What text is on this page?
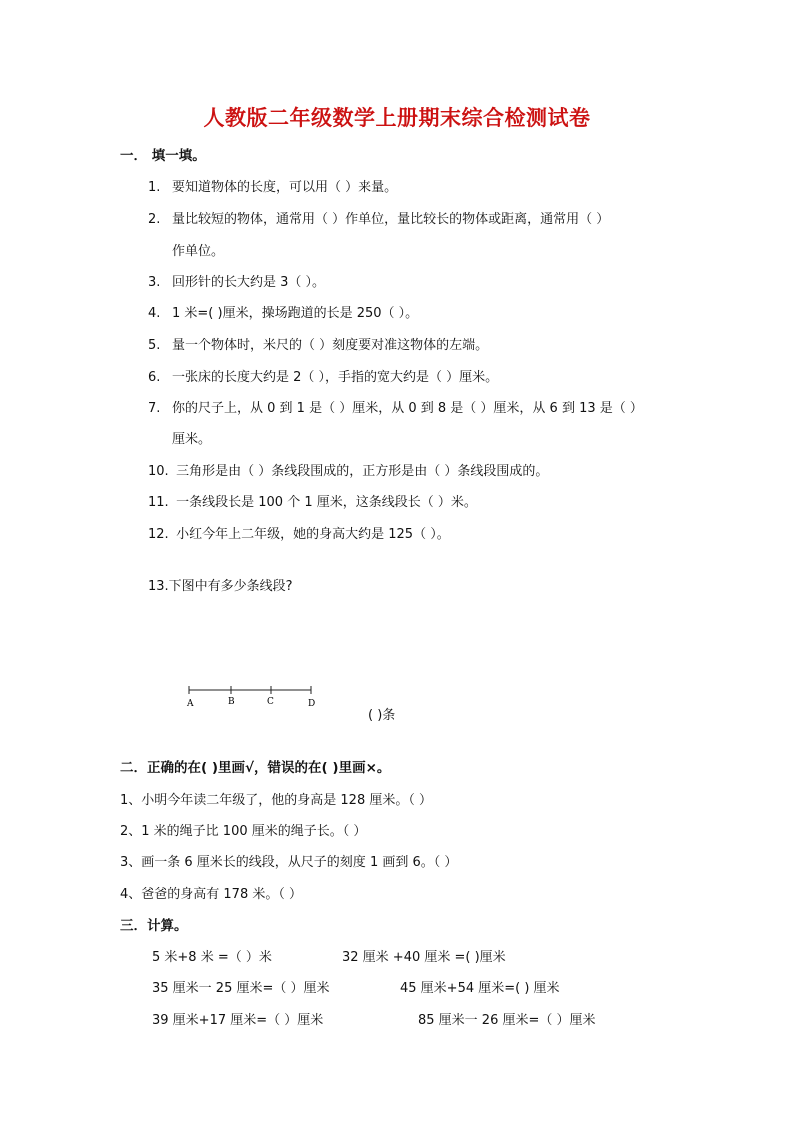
人教版二年级数学上册期末综合检测试卷
一． 填一填。
1. 要知道物体的长度，可以用（ ）来量。
2. 量比较短的物体，通常用（ ）作单位，量比较长的物体或距离，通常用（ ）
作单位。
3. 回形针的长大约是 3（ ）。
4. 1 米=( )厘米，操场跑道的长是 250（ ）。
5. 量一个物体时，米尺的（ ）刻度要对准这物体的左端。
6. 一张床的长度大约是 2（ ），手指的宽大约是（ ）厘米。
7. 你的尺子上，从 0 到 1 是（ ）厘米，从 0 到 8 是（ ）厘米，从 6 到 13 是（ ）
厘米。
10. 三角形是由（ ）条线段围成的，正方形是由（ ）条线段围成的。
11. 一条线段长是 100 个 1 厘米，这条线段长（ ）米。
12. 小红今年上二年级，她的身高大约是 125（ ）。
13.下图中有多少条线段?
A	B	C	D
( )条
二．正确的在( )里画√，错误的在( )里画×。
1、小明今年读二年级了，他的身高是 128 厘米。（ ）
2、1 米的绳子比 100 厘米的绳子长。（ ）
3、画一条 6 厘米长的线段，从尺子的刻度 1 画到 6。（ ）
4、爸爸的身高有 178 米。（ ）
三．计算。
5 米+8 米 =（ ）米	32 厘米 +40 厘米 =( )厘米
35 厘米一 25 厘米=（ ）厘米	45 厘米+54 厘米=( ) 厘米
39 厘米+17 厘米=（ ）厘米	85 厘米一 26 厘米=（ ）厘米
